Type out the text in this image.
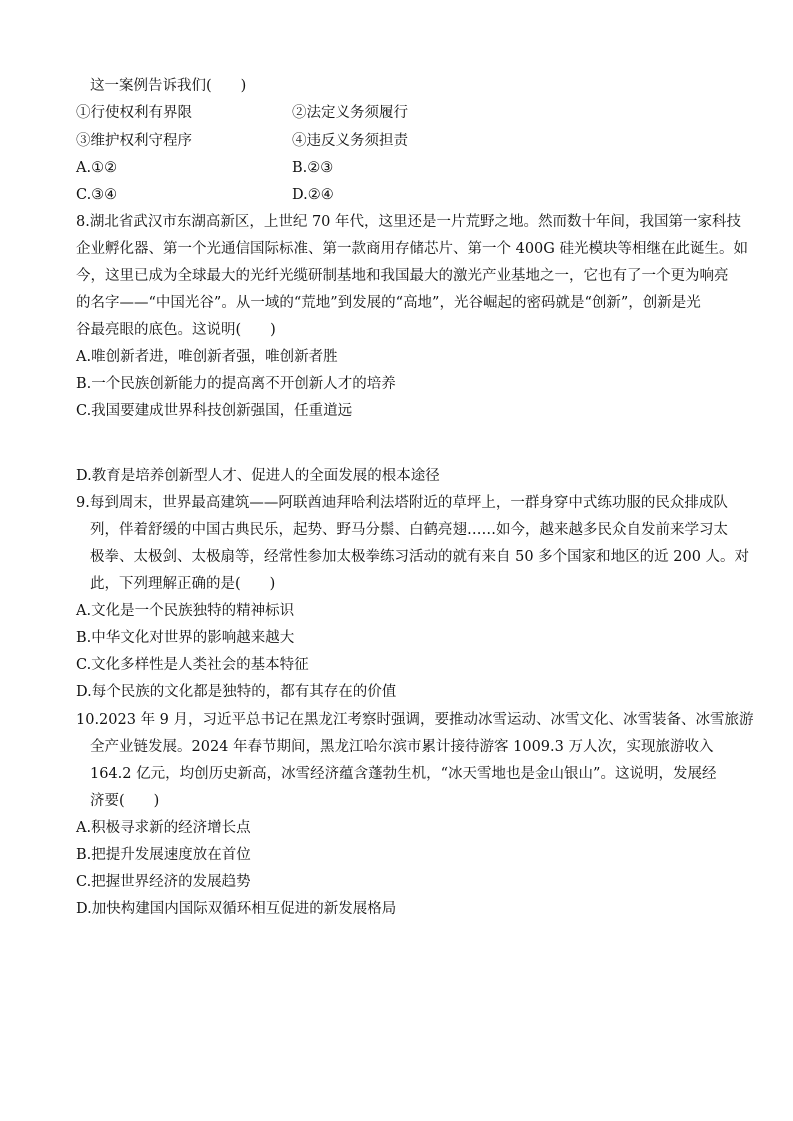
这一案例告诉我们(　　)
①行使权利有界限	②法定义务须履行
③维护权利守程序	④违反义务须担责
A.①②	B.②③
C.③④	D.②④
8.湖北省武汉市东湖高新区，上世纪 70 年代，这里还是一片荒野之地。然而数十年间，我国第一家科技
企业孵化器、第一个光通信国际标准、第一款商用存储芯片、第一个 400G 硅光模块等相继在此诞生。如
今，这里已成为全球最大的光纤光缆研制基地和我国最大的激光产业基地之一，它也有了一个更为响亮
的名字——“中国光谷”。从一域的“荒地”到发展的“高地”，光谷崛起的密码就是“创新”，创新是光
谷最亮眼的底色。这说明(　　)
A.唯创新者进，唯创新者强，唯创新者胜
B.一个民族创新能力的提高离不开创新人才的培养
C.我国要建成世界科技创新强国，任重道远
D.教育是培养创新型人才、促进人的全面发展的根本途径
9.每到周末，世界最高建筑——阿联酋迪拜哈利法塔附近的草坪上，一群身穿中式练功服的民众排成队
列，伴着舒缓的中国古典民乐，起势、野马分鬃、白鹤亮翅……如今，越来越多民众自发前来学习太
极拳、太极剑、太极扇等，经常性参加太极拳练习活动的就有来自 50 多个国家和地区的近 200 人。对
此，下列理解正确的是(　　)
A.文化是一个民族独特的精神标识
B.中华文化对世界的影响越来越大
C.文化多样性是人类社会的基本特征
D.每个民族的文化都是独特的，都有其存在的价值
10.2023 年 9 月，习近平总书记在黑龙江考察时强调，要推动冰雪运动、冰雪文化、冰雪装备、冰雪旅游
全产业链发展。2024 年春节期间，黑龙江哈尔滨市累计接待游客 1009.3 万人次，实现旅游收入
164.2 亿元，均创历史新高，冰雪经济蕴含蓬勃生机，“冰天雪地也是金山银山”。这说明，发展经
济要(　　)
A.积极寻求新的经济增长点
B.把提升发展速度放在首位
C.把握世界经济的发展趋势
D.加快构建国内国际双循环相互促进的新发展格局
